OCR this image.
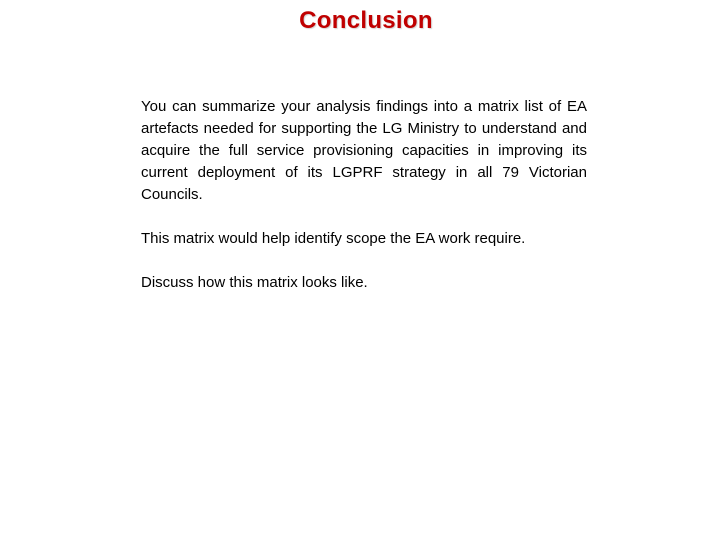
Conclusion

You can summarize your analysis findings into a matrix list of EA artefacts needed for supporting the LG Ministry to understand and acquire the full service provisioning capacities in improving its current deployment of its LGPRF strategy in all 79 Victorian Councils.

This matrix would help identify scope the EA work require.

Discuss how this matrix looks like.
